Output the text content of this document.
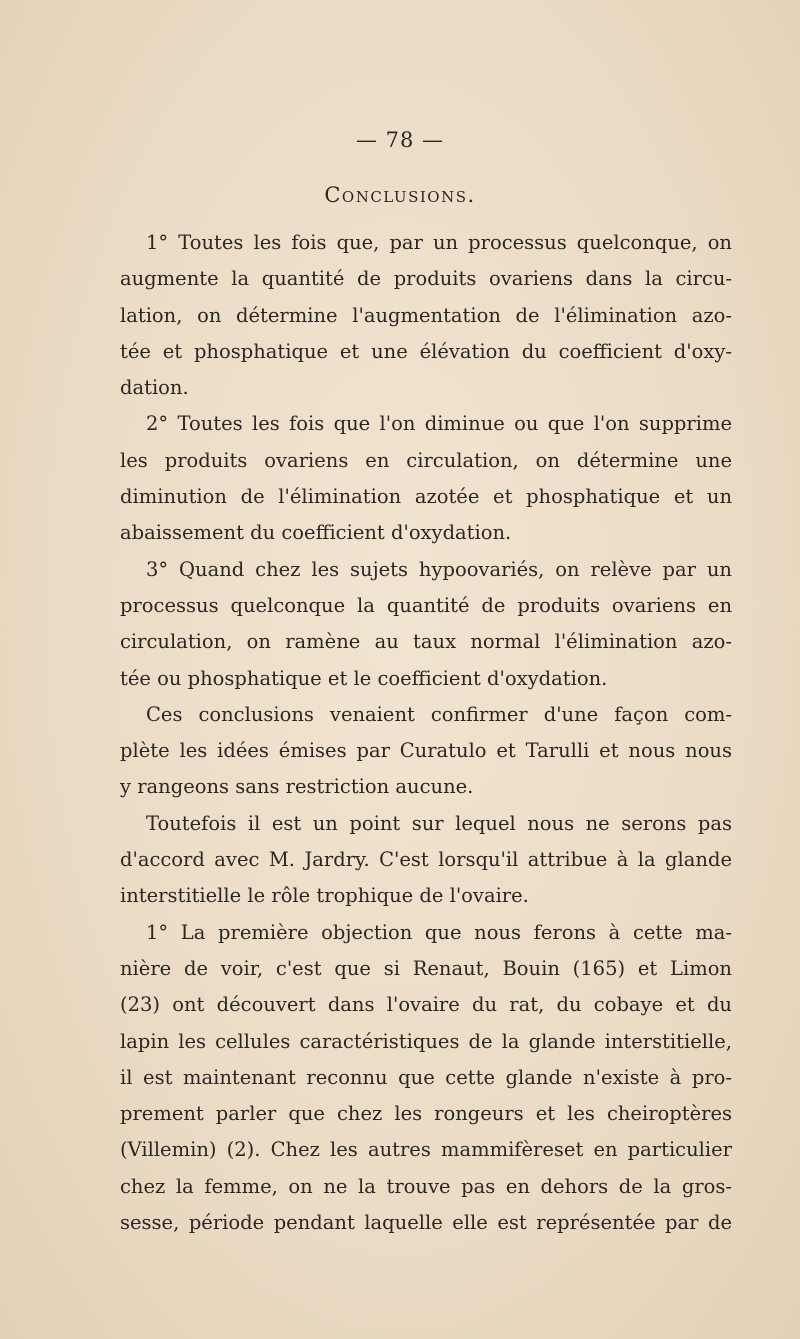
— 78 —
Conclusions.
1° Toutes les fois que, par un processus quelconque, on
augmente la quantité de produits ovariens dans la circu-
lation, on détermine l'augmentation de l'élimination azo-
tée et phosphatique et une élévation du coefficient d'oxy-
dation.
2° Toutes les fois que l'on diminue ou que l'on supprime
les produits ovariens en circulation, on détermine une
diminution de l'élimination azotée et phosphatique et un
abaissement du coefficient d'oxydation.
3° Quand chez les sujets hypoovariés, on relève par un
processus quelconque la quantité de produits ovariens en
circulation, on ramène au taux normal l'élimination azo-
tée ou phosphatique et le coefficient d'oxydation.
Ces conclusions venaient confirmer d'une façon com-
plète les idées émises par Curatulo et Tarulli et nous nous
y rangeons sans restriction aucune.
Toutefois il est un point sur lequel nous ne serons pas
d'accord avec M. Jardry. C'est lorsqu'il attribue à la glande
interstitielle le rôle trophique de l'ovaire.
1° La première objection que nous ferons à cette ma-
nière de voir, c'est que si Renaut, Bouin (165) et Limon
(23) ont découvert dans l'ovaire du rat, du cobaye et du
lapin les cellules caractéristiques de la glande interstitielle,
il est maintenant reconnu que cette glande n'existe à pro-
prement parler que chez les rongeurs et les cheiroptères
(Villemin) (2). Chez les autres mammifèreset en particulier
chez la femme, on ne la trouve pas en dehors de la gros-
sesse, période pendant laquelle elle est représentée par de
